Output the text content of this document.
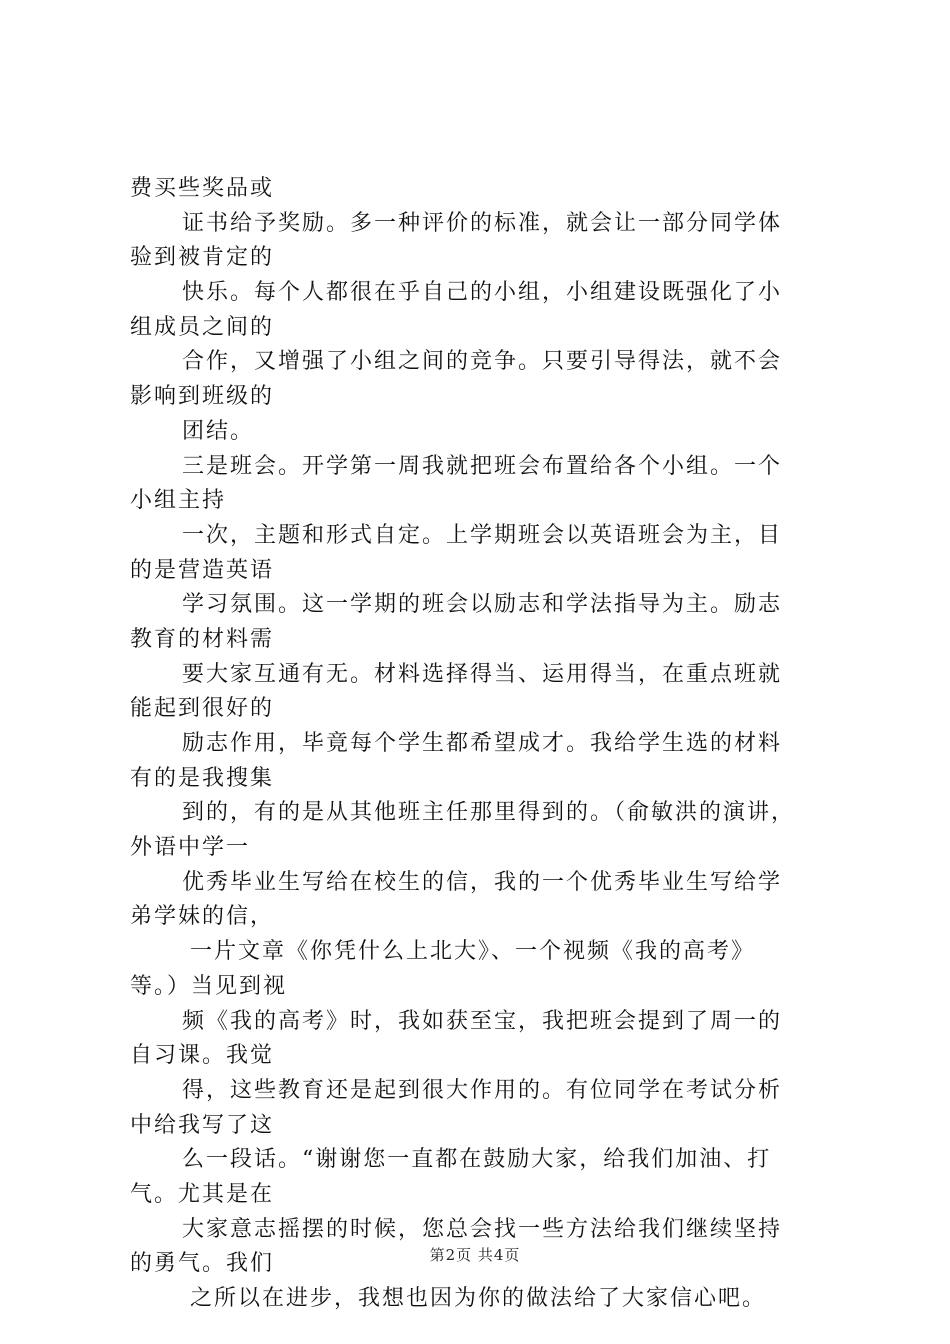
费买些奖品或
证书给予奖励。多一种评价的标准，就会让一部分同学体
验到被肯定的
快乐。每个人都很在乎自己的小组，小组建设既强化了小
组成员之间的
合作，又增强了小组之间的竞争。只要引导得法，就不会
影响到班级的
团结。
三是班会。开学第一周我就把班会布置给各个小组。一个
小组主持
一次，主题和形式自定。上学期班会以英语班会为主，目
的是营造英语
学习氛围。这一学期的班会以励志和学法指导为主。励志
教育的材料需
要大家互通有无。材料选择得当、运用得当，在重点班就
能起到很好的
励志作用，毕竟每个学生都希望成才。我给学生选的材料
有的是我搜集
到的，有的是从其他班主任那里得到的。（俞敏洪的演讲，
外语中学一
优秀毕业生写给在校生的信，我的一个优秀毕业生写给学
弟学妹的信，
一片文章《你凭什么上北大》、一个视频《我的高考》
等。）当见到视
频《我的高考》时，我如获至宝，我把班会提到了周一的
自习课。我觉
得，这些教育还是起到很大作用的。有位同学在考试分析
中给我写了这
么一段话。“谢谢您一直都在鼓励大家，给我们加油、打
气。尤其是在
大家意志摇摆的时候，您总会找一些方法给我们继续坚持
的勇气。我们
之所以在进步，我想也因为你的做法给了大家信心吧。
第2页 共4页
